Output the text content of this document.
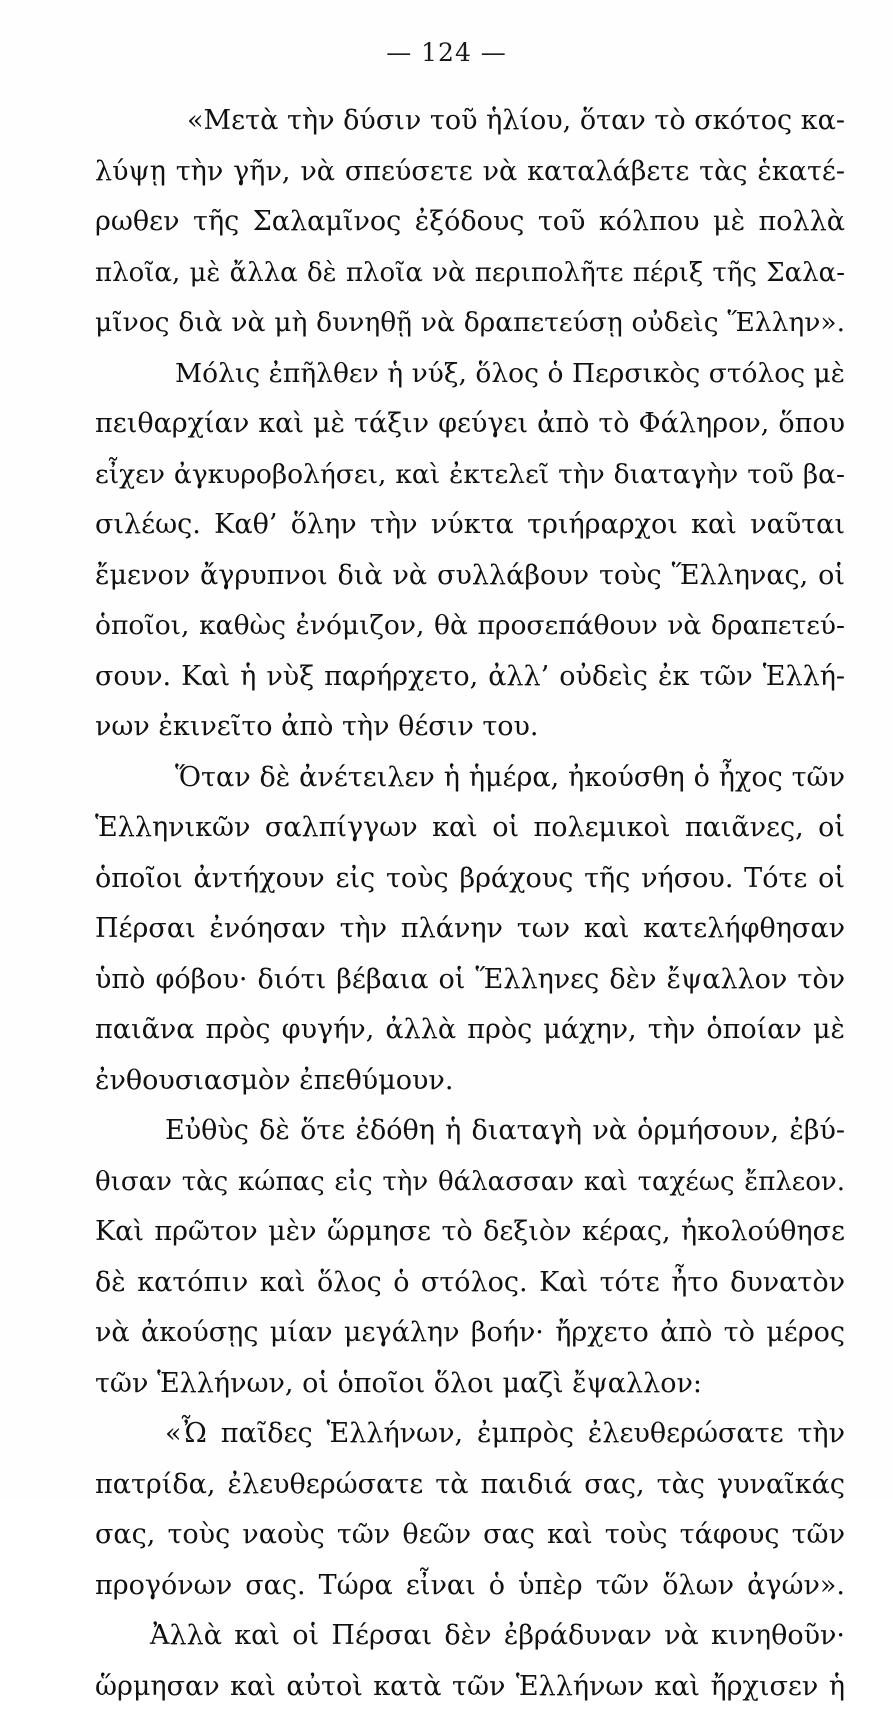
— 124 —
«Μετὰ τὴν δύσιν τοῦ ἡλίου, ὅταν τὸ σκότος κα-
λύψῃ τὴν γῆν, νὰ σπεύσετε νὰ καταλάβετε τὰς ἑκατέ-
ρωθεν τῆς Σαλαμῖνος ἐξόδους τοῦ κόλπου μὲ πολλὰ
πλοῖα, μὲ ἄλλα δὲ πλοῖα νὰ περιπολῆτε πέριξ τῆς Σαλα-
μῖνος διὰ νὰ μὴ δυνηθῇ νὰ δραπετεύσῃ οὐδεὶς Ἕλλην».
Μόλις ἐπῆλθεν ἡ νύξ, ὅλος ὁ Περσικὸς στόλος μὲ
πειθαρχίαν καὶ μὲ τάξιν φεύγει ἀπὸ τὸ Φάληρον, ὅπου
εἶχεν ἀγκυροβολήσει, καὶ ἐκτελεῖ τὴν διαταγὴν τοῦ βα-
σιλέως. Καθ’ ὅλην τὴν νύκτα τριήραρχοι καὶ ναῦται
ἔμενον ἄγρυπνοι διὰ νὰ συλλάβουν τοὺς Ἕλληνας, οἱ
ὁποῖοι, καθὼς ἐνόμιζον, θὰ προσεπάθουν νὰ δραπετεύ-
σουν. Καὶ ἡ νὺξ παρήρχετο, ἀλλ’ οὐδεὶς ἐκ τῶν Ἑλλή-
νων ἐκινεῖτο ἀπὸ τὴν θέσιν του.
Ὅταν δὲ ἀνέτειλεν ἡ ἡμέρα, ἠκούσθη ὁ ἦχος τῶν
Ἑλληνικῶν σαλπίγγων καὶ οἱ πολεμικοὶ παιᾶνες, οἱ
ὁποῖοι ἀντήχουν εἰς τοὺς βράχους τῆς νήσου. Τότε οἱ
Πέρσαι ἐνόησαν τὴν πλάνην των καὶ κατελήφθησαν
ὑπὸ φόβου· διότι βέβαια οἱ Ἕλληνες δὲν ἔψαλλον τὸν
παιᾶνα πρὸς φυγήν, ἀλλὰ πρὸς μάχην, τὴν ὁποίαν μὲ
ἐνθουσιασμὸν ἐπεθύμουν.
Εὐθὺς δὲ ὅτε ἐδόθη ἡ διαταγὴ νὰ ὁρμήσουν, ἐβύ-
θισαν τὰς κώπας εἰς τὴν θάλασσαν καὶ ταχέως ἔπλεον.
Καὶ πρῶτον μὲν ὥρμησε τὸ δεξιὸν κέρας, ἠκολούθησε
δὲ κατόπιν καὶ ὅλος ὁ στόλος. Καὶ τότε ἦτο δυνατὸν
νὰ ἀκούσῃς μίαν μεγάλην βοήν· ἤρχετο ἀπὸ τὸ μέρος
τῶν Ἑλλήνων, οἱ ὁποῖοι ὅλοι μαζὶ ἔψαλλον:
«Ὦ παῖδες Ἑλλήνων, ἐμπρὸς ἐλευθερώσατε τὴν
πατρίδα, ἐλευθερώσατε τὰ παιδιά σας, τὰς γυναῖκάς
σας, τοὺς ναοὺς τῶν θεῶν σας καὶ τοὺς τάφους τῶν
προγόνων σας. Τώρα εἶναι ὁ ὑπὲρ τῶν ὅλων ἀγών».
Ἀλλὰ καὶ οἱ Πέρσαι δὲν ἐβράδυναν νὰ κινηθοῦν·
ὥρμησαν καὶ αὐτοὶ κατὰ τῶν Ἑλλήνων καὶ ἤρχισεν ἡ
